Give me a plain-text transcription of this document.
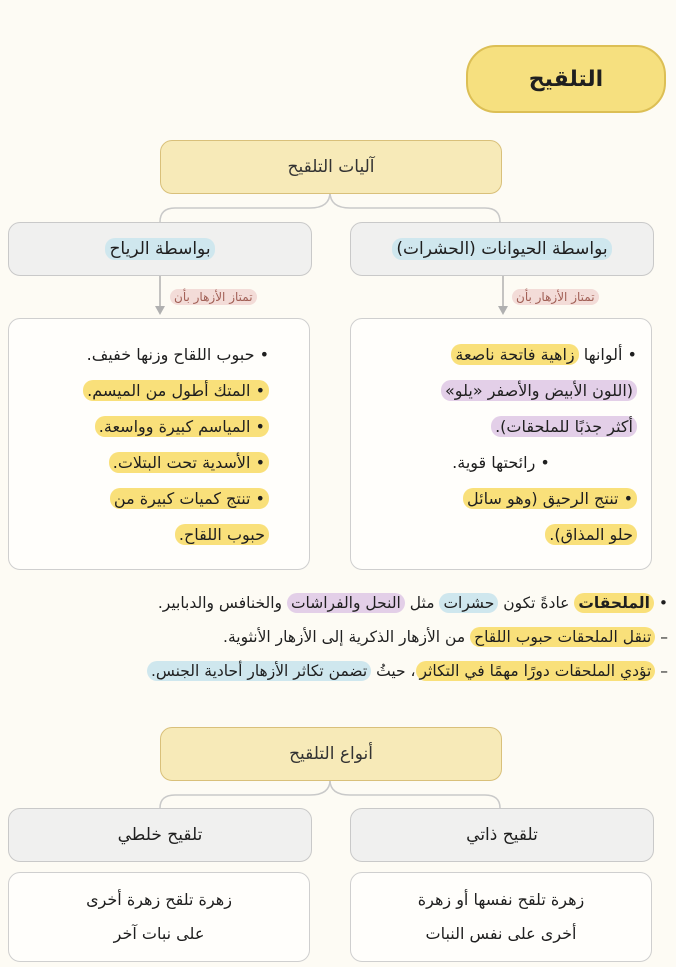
التلقيح
آليات التلقيح
بواسطة الحيوانات (الحشرات)
بواسطة الرياح
تمتاز الأزهار بأن
تمتاز الأزهار بأن
• ألوانها زاهية فاتحة ناصعة
(اللون الأبيض والأصفر «يلو»
أكثر جذبًا للملحقات).
• رائحتها قوية.
• تنتج الرحيق (وهو سائل
حلو المذاق).
• حبوب اللقاح وزنها خفيف.
• المتك أطول من الميسم.
• المياسم كبيرة وواسعة.
• الأسدية تحت البتلات.
• تنتج كميات كبيرة من
حبوب اللقاح.
• الملحقات عادةً تكون حشرات مثل النحل والفراشات والخنافس والدبابير.
– تنقل الملحقات حبوب اللقاح من الأزهار الذكرية إلى الأزهار الأنثوية.
– تؤدي الملحقات دورًا مهمًا في التكاثر، حيثُ تضمن تكاثر الأزهار أحادية الجنس.
أنواع التلقيح
تلقيح ذاتي
تلقيح خلطي
زهرة تلقح نفسها أو زهرة
أخرى على نفس النبات
زهرة تلقح زهرة أخرى
على نبات آخر
